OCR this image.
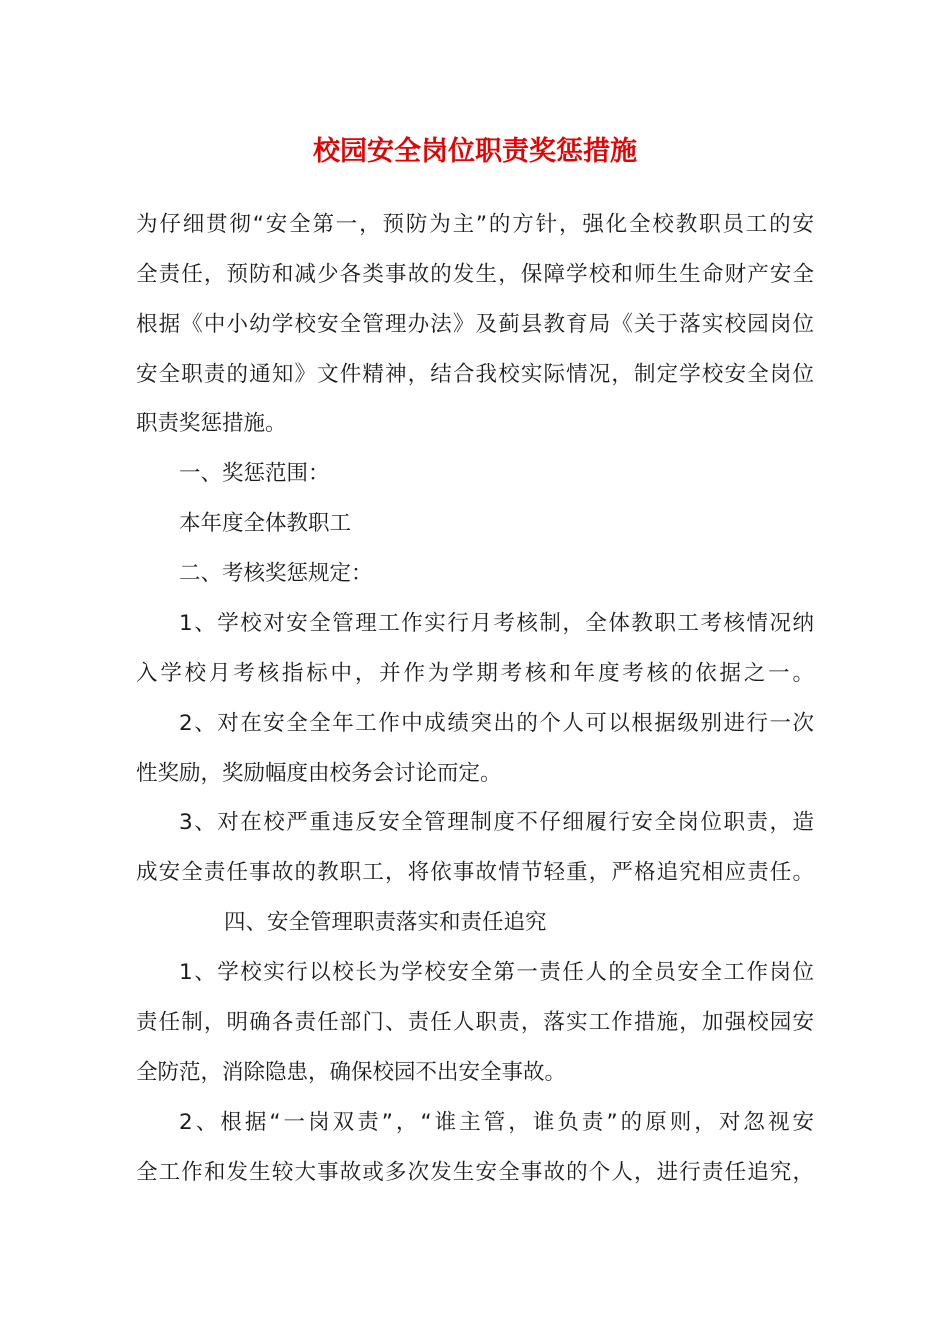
校园安全岗位职责奖惩措施
为仔细贯彻“安全第一，预防为主”的方针，强化全校教职员工的安
全责任，预防和减少各类事故的发生，保障学校和师生生命财产安全
根据《中小幼学校安全管理办法》及蓟县教育局《关于落实校园岗位
安全职责的通知》文件精神，结合我校实际情况，制定学校安全岗位
职责奖惩措施。
一、奖惩范围：
本年度全体教职工
二、考核奖惩规定：
1、学校对安全管理工作实行月考核制，全体教职工考核情况纳
入学校月考核指标中，并作为学期考核和年度考核的依据之一。
2、对在安全全年工作中成绩突出的个人可以根据级别进行一次
性奖励，奖励幅度由校务会讨论而定。
3、对在校严重违反安全管理制度不仔细履行安全岗位职责，造
成安全责任事故的教职工，将依事故情节轻重，严格追究相应责任。
四、安全管理职责落实和责任追究
1、学校实行以校长为学校安全第一责任人的全员安全工作岗位
责任制，明确各责任部门、责任人职责，落实工作措施，加强校园安
全防范，消除隐患，确保校园不出安全事故。
2、根据“一岗双责”，“谁主管，谁负责”的原则，对忽视安
全工作和发生较大事故或多次发生安全事故的个人，进行责任追究，
